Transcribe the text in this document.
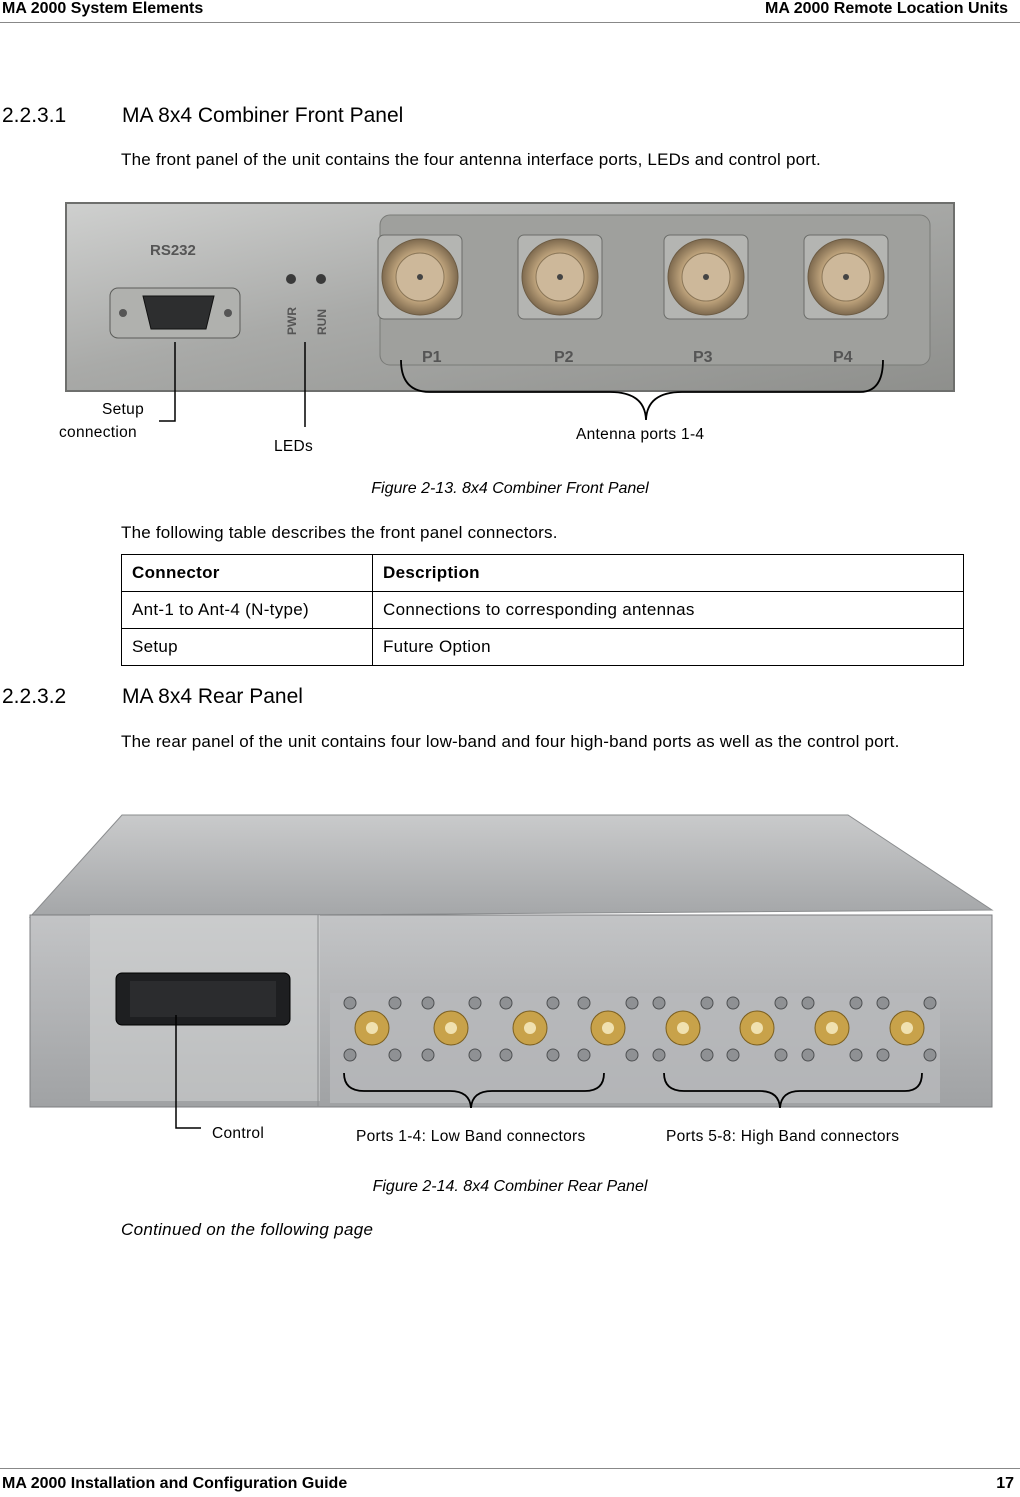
MA 2000 System Elements	MA 2000 Remote Location Units
2.2.3.1	MA 8x4 Combiner Front Panel
The front panel of the unit contains the four antenna interface ports, LEDs and control port.
RS232
PWR RUN
P1	P2	P3	P4
Setup
connection
LEDs
Antenna ports 1-4
Figure 2-13. 8x4 Combiner Front Panel
The following table describes the front panel connectors.
Connector	Description
Ant-1 to Ant-4 (N-type)	Connections to corresponding antennas
Setup	Future Option
2.2.3.2	MA 8x4 Rear Panel
The rear panel of the unit contains four low-band and four high-band ports as well as the control port.
Control	Ports 1-4: Low Band connectors	Ports 5-8: High Band connectors
Figure 2-14. 8x4 Combiner Rear Panel
Continued on the following page
MA 2000 Installation and Configuration Guide	17
